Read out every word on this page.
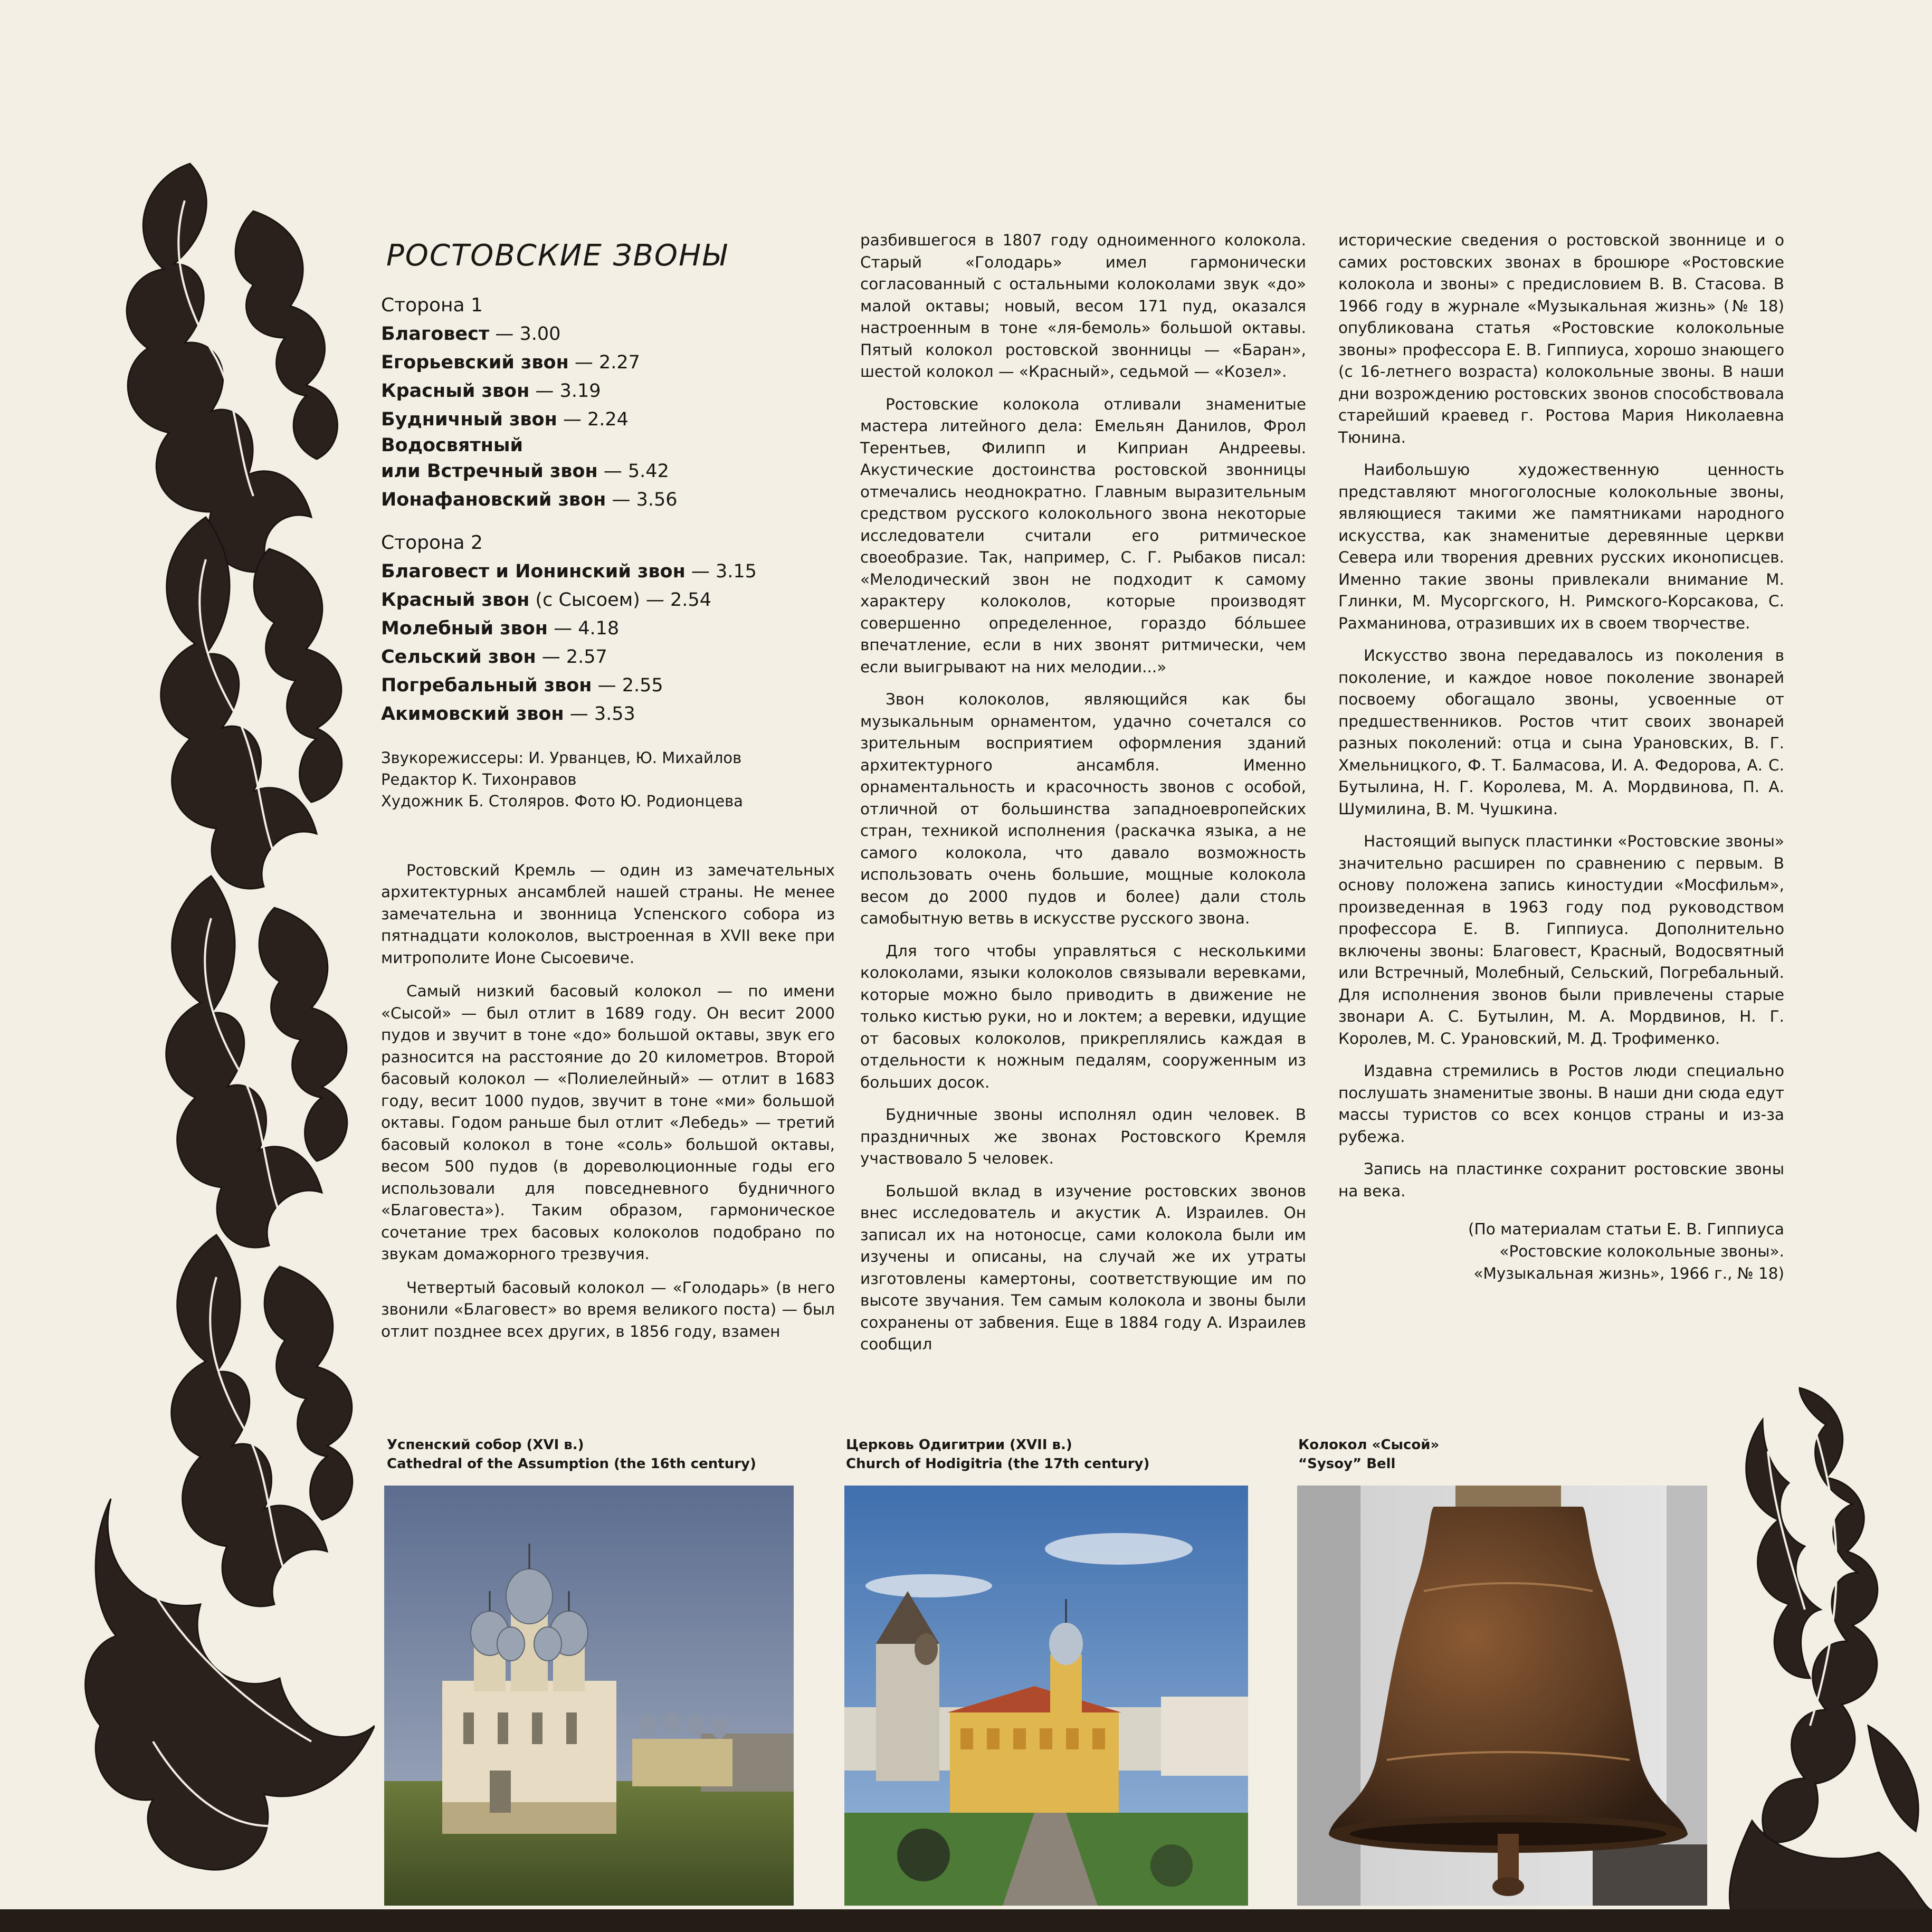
РОСТОВСКИЕ ЗВОНЫ
Сторона 1
Благовест — 3.00
Егорьевский звон — 2.27
Красный звон — 3.19
Будничный звон — 2.24
Водосвятный
или Встречный звон — 5.42
Ионафановский звон — 3.56
Сторона 2
Благовест и Ионинский звон — 3.15
Красный звон (с Сысоем) — 2.54
Молебный звон — 4.18
Сельский звон — 2.57
Погребальный звон — 2.55
Акимовский звон — 3.53
Звукорежиссеры: И. Урванцев, Ю. Михайлов
Редактор К. Тихонравов
Художник Б. Столяров. Фото Ю. Родионцева

Ростовский Кремль — один из замечательных архитектурных ансамблей нашей страны. Не менее замечательна и звонница Успенского собора из пятнадцати колоколов, выстроенная в XVII веке при митрополите Ионе Сысоевиче.

Самый низкий басовый колокол — по имени «Сысой» — был отлит в 1689 году. Он весит 2000 пудов и звучит в тоне «до» большой октавы, звук его разносится на расстояние до 20 километров. Второй басовый колокол — «Полиелейный» — отлит в 1683 году, весит 1000 пудов, звучит в тоне «ми» большой октавы. Годом раньше был отлит «Лебедь» — третий басовый колокол в тоне «соль» большой октавы, весом 500 пудов (в дореволюционные годы его использовали для повседневного будничного «Благовеста»). Таким образом, гармоническое сочетание трех басовых колоколов подобрано по звукам домажорного трезвучия.

Четвертый басовый колокол — «Голодарь» (в него звонили «Благовест» во время великого поста) — был отлит позднее всех других, в 1856 году, взамен

разбившегося в 1807 году одноименного колокола. Старый «Голодарь» имел гармонически согласованный с остальными колоколами звук «до» малой октавы; новый, весом 171 пуд, оказался настроенным в тоне «ля-бемоль» большой октавы. Пятый колокол ростовской звонницы — «Баран», шестой колокол — «Красный», седьмой — «Козел».

Ростовские колокола отливали знаменитые мастера литейного дела: Емельян Данилов, Фрол Терентьев, Филипп и Киприан Андреевы. Акустические достоинства ростовской звонницы отмечались неоднократно. Главным выразительным средством русского колокольного звона некоторые исследователи считали его ритмическое своеобразие. Так, например, С. Г. Рыбаков писал: «Мелодический звон не подходит к самому характеру колоколов, которые производят совершенно определенное, гораздо бо́льшее впечатление, если в них звонят ритмически, чем если выигрывают на них мелодии...»

Звон колоколов, являющийся как бы музыкальным орнаментом, удачно сочетался со зрительным восприятием оформления зданий архитектурного ансамбля. Именно орнаментальность и красочность звонов с особой, отличной от большинства западноевропейских стран, техникой исполнения (раскачка языка, а не самого колокола, что давало возможность использовать очень большие, мощные колокола весом до 2000 пудов и более) дали столь самобытную ветвь в искусстве русского звона.

Для того чтобы управляться с несколькими колоколами, языки колоколов связывали веревками, которые можно было приводить в движение не только кистью руки, но и локтем; а веревки, идущие от басовых колоколов, прикреплялись каждая в отдельности к ножным педалям, сооруженным из больших досок.

Будничные звоны исполнял один человек. В праздничных же звонах Ростовского Кремля участвовало 5 человек.

Большой вклад в изучение ростовских звонов внес исследователь и акустик А. Израилев. Он записал их на нотоносце, сами колокола были им изучены и описаны, на случай же их утраты изготовлены камертоны, соответствующие им по высоте звучания. Тем самым колокола и звоны были сохранены от забвения. Еще в 1884 году А. Израилев сообщил

исторические сведения о ростовской звоннице и о самих ростовских звонах в брошюре «Ростовские колокола и звоны» с предисловием В. В. Стасова. В 1966 году в журнале «Музыкальная жизнь» (№ 18) опубликована статья «Ростовские колокольные звоны» профессора Е. В. Гиппиуса, хорошо знающего (с 16-летнего возраста) колокольные звоны. В наши дни возрождению ростовских звонов способствовала старейший краевед г. Ростова Мария Николаевна Тюнина.

Наибольшую художественную ценность представляют многоголосные колокольные звоны, являющиеся такими же памятниками народного искусства, как знаменитые деревянные церкви Севера или творения древних русских иконописцев. Именно такие звоны привлекали внимание М. Глинки, М. Мусоргского, Н. Римского-Корсакова, С. Рахманинова, отразивших их в своем творчестве.

Искусство звона передавалось из поколения в поколение, и каждое новое поколение звонарей посвоему обогащало звоны, усвоенные от предшественников. Ростов чтит своих звонарей разных поколений: отца и сына Урановских, В. Г. Хмельницкого, Ф. Т. Балмасова, И. А. Федорова, А. С. Бутылина, Н. Г. Королева, М. А. Мордвинова, П. А. Шумилина, В. М. Чушкина.

Настоящий выпуск пластинки «Ростовские звоны» значительно расширен по сравнению с первым. В основу положена запись киностудии «Мосфильм», произведенная в 1963 году под руководством профессора Е. В. Гиппиуса. Дополнительно включены звоны: Благовест, Красный, Водосвятный или Встречный, Молебный, Сельский, Погребальный. Для исполнения звонов были привлечены старые звонари А. С. Бутылин, М. А. Мордвинов, Н. Г. Королев, М. С. Урановский, М. Д. Трофименко.

Издавна стремились в Ростов люди специально послушать знаменитые звоны. В наши дни сюда едут массы туристов со всех концов страны и из-за рубежа.

Запись на пластинке сохранит ростовские звоны на века.

(По материалам статьи Е. В. Гиппиуса
«Ростовские колокольные звоны».
«Музыкальная жизнь», 1966 г., № 18)
Успенский собор (XVI в.)
Cathedral of the Assumption (the 16th century)
Церковь Одигитрии (XVII в.)
Church of Hodigitria (the 17th century)
Колокол «Сысой»
“Sysoy” Bell
